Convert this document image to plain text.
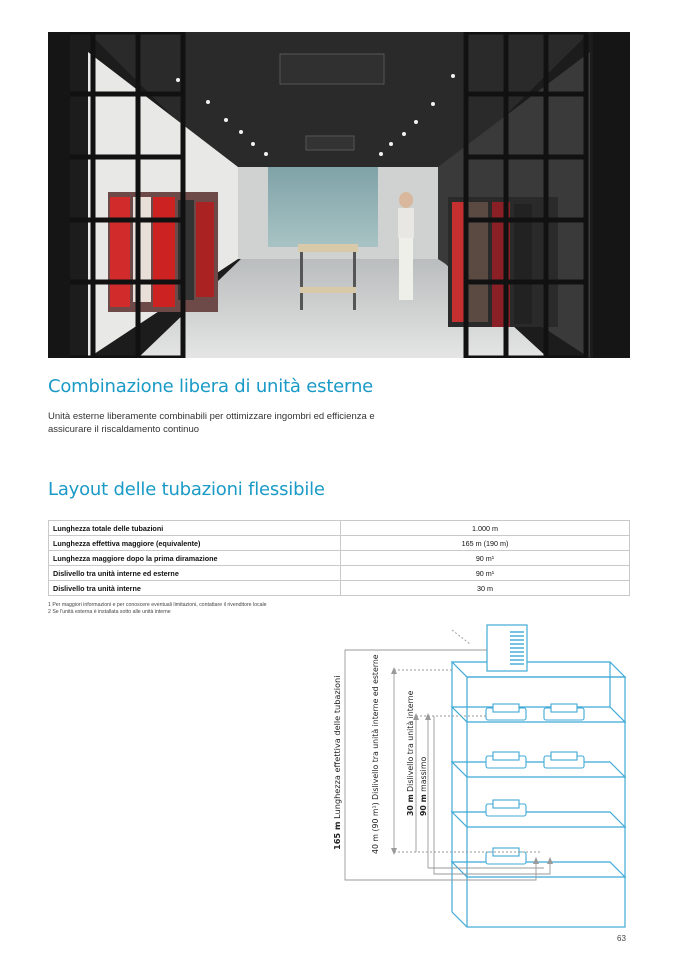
Combinazione libera di unità esterne
Unità esterne liberamente combinabili per ottimizzare ingombri ed efficienza e assicurare il riscaldamento continuo
Layout delle tubazioni flessibile
Lunghezza totale delle tubazioni	1.000 m
Lunghezza effettiva maggiore (equivalente)	165 m (190 m)
Lunghezza maggiore dopo la prima diramazione	90 m¹
Dislivello tra unità interne ed esterne	90 m¹
Dislivello tra unità interne	30 m
1 Per maggiori informazioni e per conoscere eventuali limitazioni, contattare il rivenditore locale
2 Se l'unità esterna è installata sotto alle unità interne
165 m Lunghezza effettiva delle tubazioni	40 m (90 m¹) Dislivello tra unità interne ed esterne	30 m Dislivello tra unità interne
90 m massimo
63
